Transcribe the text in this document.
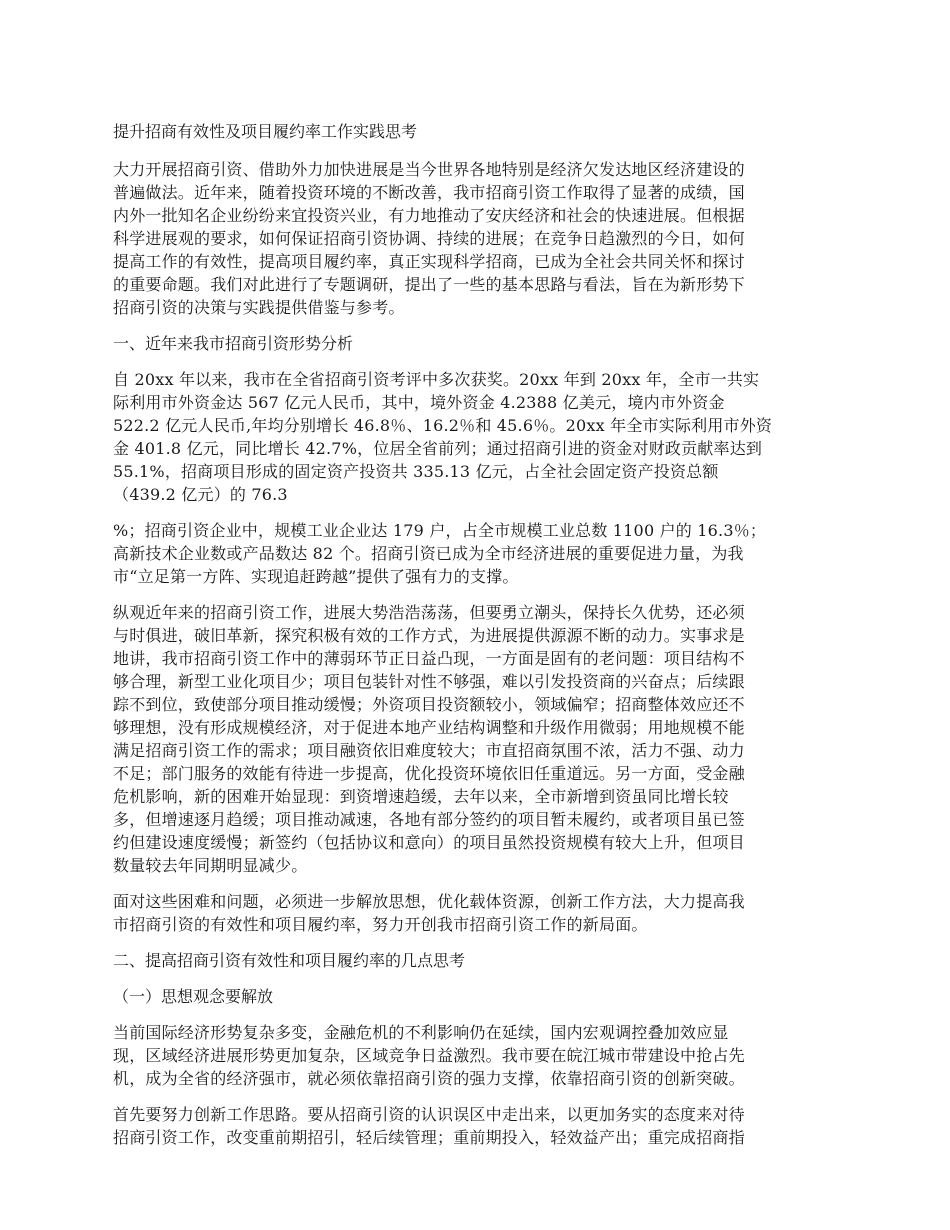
提升招商有效性及项目履约率工作实践思考
大力开展招商引资、借助外力加快进展是当今世界各地特别是经济欠发达地区经济建设的
普遍做法。近年来，随着投资环境的不断改善，我市招商引资工作取得了显著的成绩，国
内外一批知名企业纷纷来宜投资兴业，有力地推动了安庆经济和社会的快速进展。但根据
科学进展观的要求，如何保证招商引资协调、持续的进展；在竞争日趋激烈的今日，如何
提高工作的有效性，提高项目履约率，真正实现科学招商，已成为全社会共同关怀和探讨
的重要命题。我们对此进行了专题调研，提出了一些的基本思路与看法，旨在为新形势下
招商引资的决策与实践提供借鉴与参考。
一、近年来我市招商引资形势分析
自 20xx 年以来，我市在全省招商引资考评中多次获奖。20xx 年到 20xx 年，全市一共实
际利用市外资金达 567 亿元人民币，其中，境外资金 4.2388 亿美元，境内市外资金
522.2 亿元人民币,年均分别增长 46.8％、16.2％和 45.6％。20xx 年全市实际利用市外资
金 401.8 亿元，同比增长 42.7%，位居全省前列；通过招商引进的资金对财政贡献率达到
55.1%，招商项目形成的固定资产投资共 335.13 亿元，占全社会固定资产投资总额
（439.2 亿元）的 76.3
%；招商引资企业中，规模工业企业达 179 户，占全市规模工业总数 1100 户的 16.3％；
高新技术企业数或产品数达 82 个。招商引资已成为全市经济进展的重要促进力量，为我
市“立足第一方阵、实现追赶跨越”提供了强有力的支撑。
纵观近年来的招商引资工作，进展大势浩浩荡荡，但要勇立潮头，保持长久优势，还必须
与时俱进，破旧革新，探究积极有效的工作方式，为进展提供源源不断的动力。实事求是
地讲，我市招商引资工作中的薄弱环节正日益凸现，一方面是固有的老问题：项目结构不
够合理，新型工业化项目少；项目包装针对性不够强，难以引发投资商的兴奋点；后续跟
踪不到位，致使部分项目推动缓慢；外资项目投资额较小，领域偏窄；招商整体效应还不
够理想，没有形成规模经济，对于促进本地产业结构调整和升级作用微弱；用地规模不能
满足招商引资工作的需求；项目融资依旧难度较大；市直招商氛围不浓，活力不强、动力
不足；部门服务的效能有待进一步提高，优化投资环境依旧任重道远。另一方面，受金融
危机影响，新的困难开始显现：到资增速趋缓，去年以来，全市新增到资虽同比增长较
多，但增速逐月趋缓；项目推动减速，各地有部分签约的项目暂未履约，或者项目虽已签
约但建设速度缓慢；新签约（包括协议和意向）的项目虽然投资规模有较大上升，但项目
数量较去年同期明显减少。
面对这些困难和问题，必须进一步解放思想，优化载体资源，创新工作方法，大力提高我
市招商引资的有效性和项目履约率，努力开创我市招商引资工作的新局面。
二、提高招商引资有效性和项目履约率的几点思考
（一）思想观念要解放
当前国际经济形势复杂多变，金融危机的不利影响仍在延续，国内宏观调控叠加效应显
现，区域经济进展形势更加复杂，区域竞争日益激烈。我市要在皖江城市带建设中抢占先
机，成为全省的经济强市，就必须依靠招商引资的强力支撑，依靠招商引资的创新突破。
首先要努力创新工作思路。要从招商引资的认识误区中走出来，以更加务实的态度来对待
招商引资工作，改变重前期招引，轻后续管理；重前期投入，轻效益产出；重完成招商指
